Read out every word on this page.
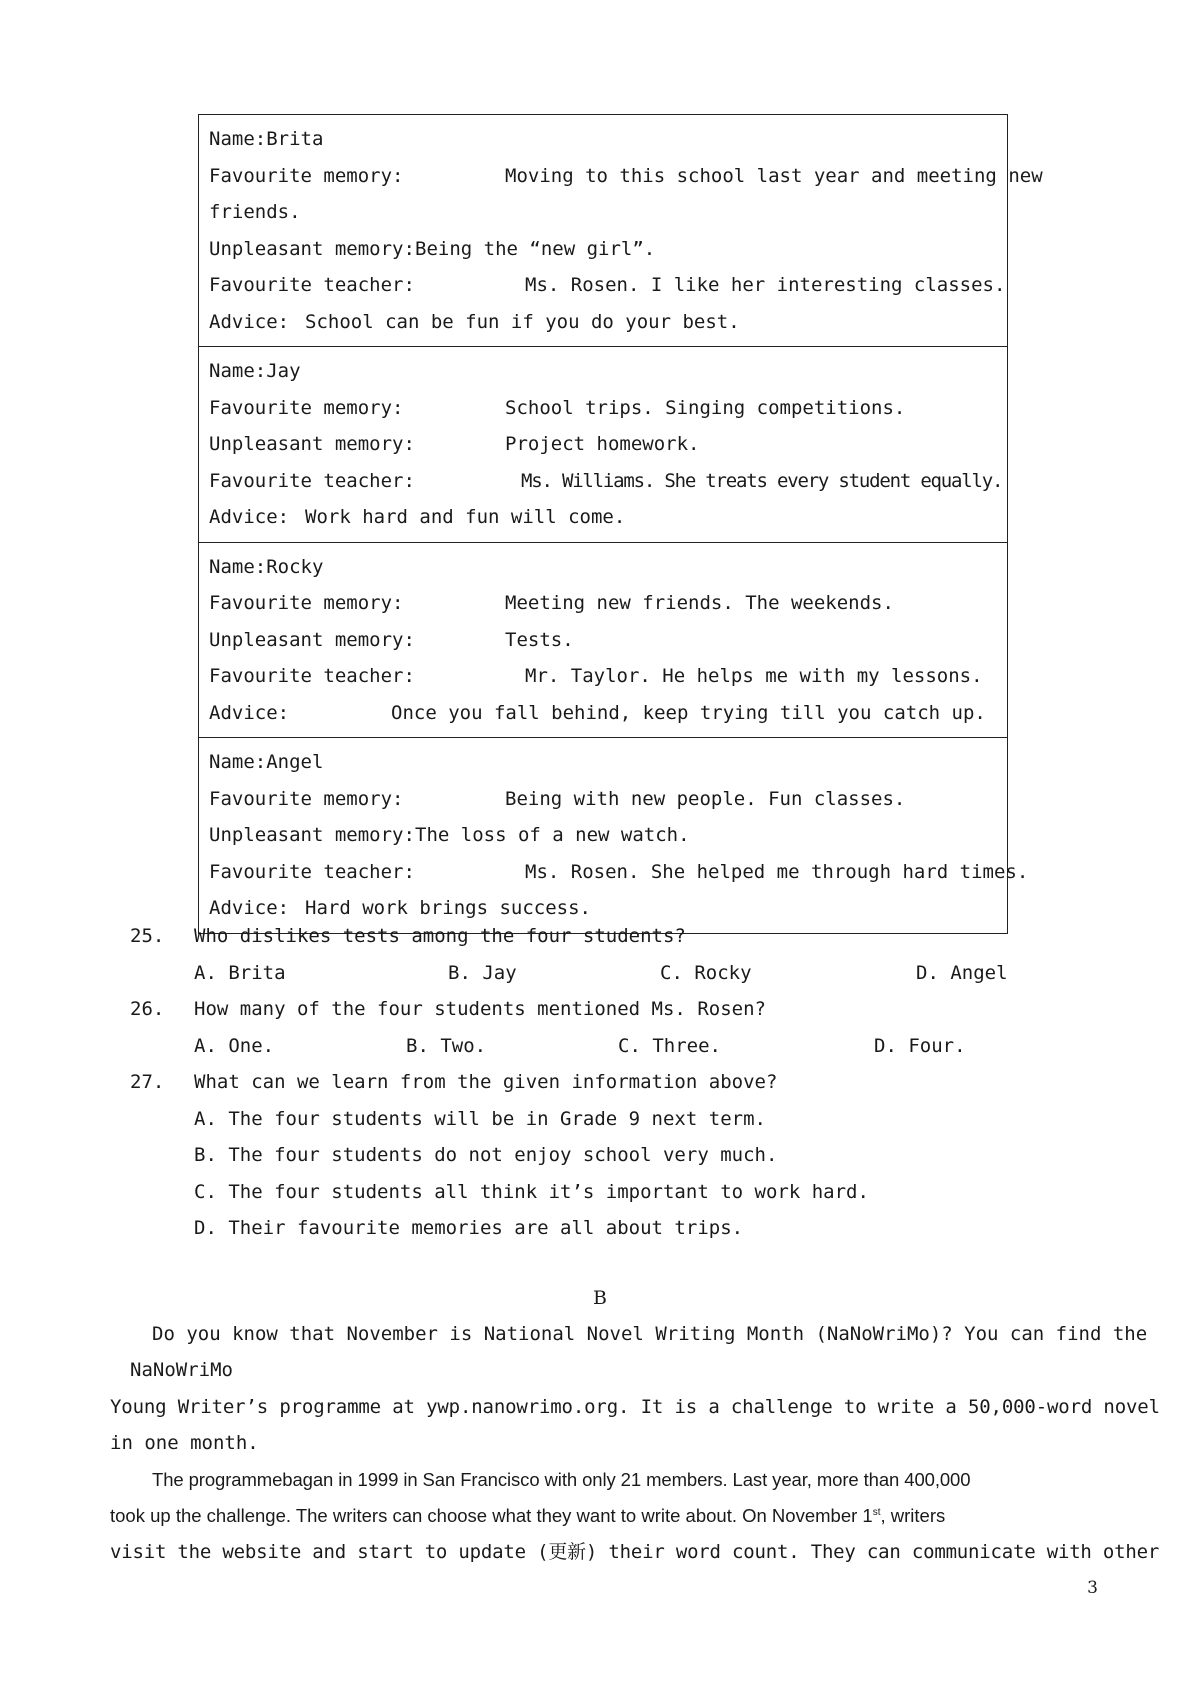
Name:Brita
Favourite memory:	Moving to this school last year and meeting new
friends.
Unpleasant memory: Being the “new girl”.
Favourite teacher:	Ms. Rosen. I like her interesting classes.
Advice: School can be fun if you do your best.
Name:Jay
Favourite memory:	School trips. Singing competitions.
Unpleasant memory:	Project homework.
Favourite teacher:	Ms. Williams. She treats every student equally.
Advice: Work hard and fun will come.
Name:Rocky
Favourite memory:	Meeting new friends. The weekends.
Unpleasant memory:	Tests.
Favourite teacher:	Mr. Taylor. He helps me with my lessons.
Advice:	Once you fall behind, keep trying till you catch up.
Name:Angel
Favourite memory:	Being with new people. Fun classes.
Unpleasant memory: The loss of a new watch.
Favourite teacher:	Ms. Rosen. She helped me through hard times.
Advice: Hard work brings success.
25. Who dislikes tests among the four students?
A. Brita	B. Jay	C. Rocky	D. Angel
26. How many of the four students mentioned Ms. Rosen?
A. One.	B. Two.	C. Three.	D. Four.
27. What can we learn from the given information above?
A. The four students will be in Grade 9 next term.
B. The four students do not enjoy school very much.
C. The four students all think it’s important to work hard.
D. Their favourite memories are all about trips.
B

Do you know that November is National Novel Writing Month (NaNoWriMo)? You can find the

NaNoWriMo

Young Writer’s programme at ywp.nanowrimo.org. It is a challenge to write a 50,000-word novel

in one month.

The programmebagan in 1999 in San Francisco with only 21 members. Last year, more than 400,000

took up the challenge. The writers can choose what they want to write about. On November 1st, writers

visit the website and start to update (更新) their word count. They can communicate with other

3
